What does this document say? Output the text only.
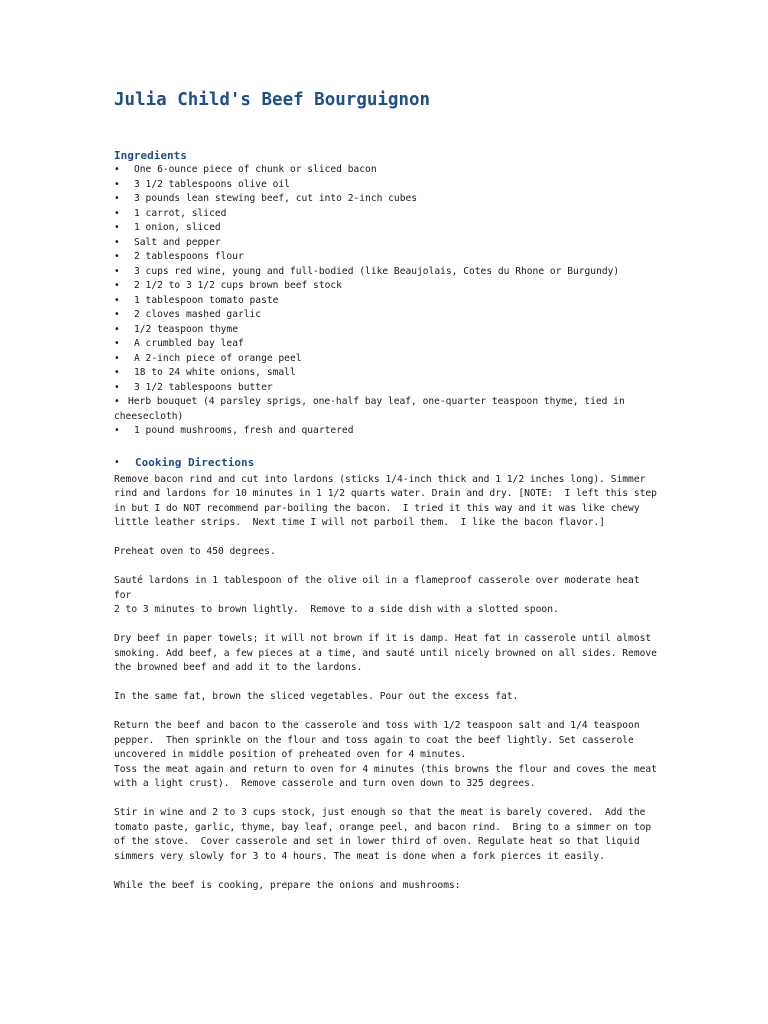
Julia Child's Beef Bourguignon
Ingredients
• One 6-ounce piece of chunk or sliced bacon
• 3 1/2 tablespoons olive oil
• 3 pounds lean stewing beef, cut into 2-inch cubes
• 1 carrot, sliced
• 1 onion, sliced
• Salt and pepper
• 2 tablespoons flour
• 3 cups red wine, young and full-bodied (like Beaujolais, Cotes du Rhone or Burgundy)
• 2 1/2 to 3 1/2 cups brown beef stock
• 1 tablespoon tomato paste
• 2 cloves mashed garlic
• 1/2 teaspoon thyme
• A crumbled bay leaf
• A 2-inch piece of orange peel
• 18 to 24 white onions, small
• 3 1/2 tablespoons butter
• Herb bouquet (4 parsley sprigs, one-half bay leaf, one-quarter teaspoon thyme, tied in
cheesecloth)
• 1 pound mushrooms, fresh and quartered
•	Cooking Directions

Remove bacon rind and cut into lardons (sticks 1/4-inch thick and 1 1/2 inches long). Simmer
rind and lardons for 10 minutes in 1 1/2 quarts water. Drain and dry. [NOTE:  I left this step
in but I do NOT recommend par-boiling the bacon.  I tried it this way and it was like chewy
little leather strips.  Next time I will not parboil them.  I like the bacon flavor.]

Preheat oven to 450 degrees.

Sauté lardons in 1 tablespoon of the olive oil in a flameproof casserole over moderate heat for
2 to 3 minutes to brown lightly.  Remove to a side dish with a slotted spoon.

Dry beef in paper towels; it will not brown if it is damp. Heat fat in casserole until almost
smoking. Add beef, a few pieces at a time, and sauté until nicely browned on all sides. Remove
the browned beef and add it to the lardons.

In the same fat, brown the sliced vegetables. Pour out the excess fat.

Return the beef and bacon to the casserole and toss with 1/2 teaspoon salt and 1/4 teaspoon
pepper.  Then sprinkle on the flour and toss again to coat the beef lightly. Set casserole
uncovered in middle position of preheated oven for 4 minutes.

Toss the meat again and return to oven for 4 minutes (this browns the flour and coves the meat
with a light crust).  Remove casserole and turn oven down to 325 degrees.

Stir in wine and 2 to 3 cups stock, just enough so that the meat is barely covered.  Add the
tomato paste, garlic, thyme, bay leaf, orange peel, and bacon rind.  Bring to a simmer on top
of the stove.  Cover casserole and set in lower third of oven. Regulate heat so that liquid
simmers very slowly for 3 to 4 hours. The meat is done when a fork pierces it easily.

While the beef is cooking, prepare the onions and mushrooms:
